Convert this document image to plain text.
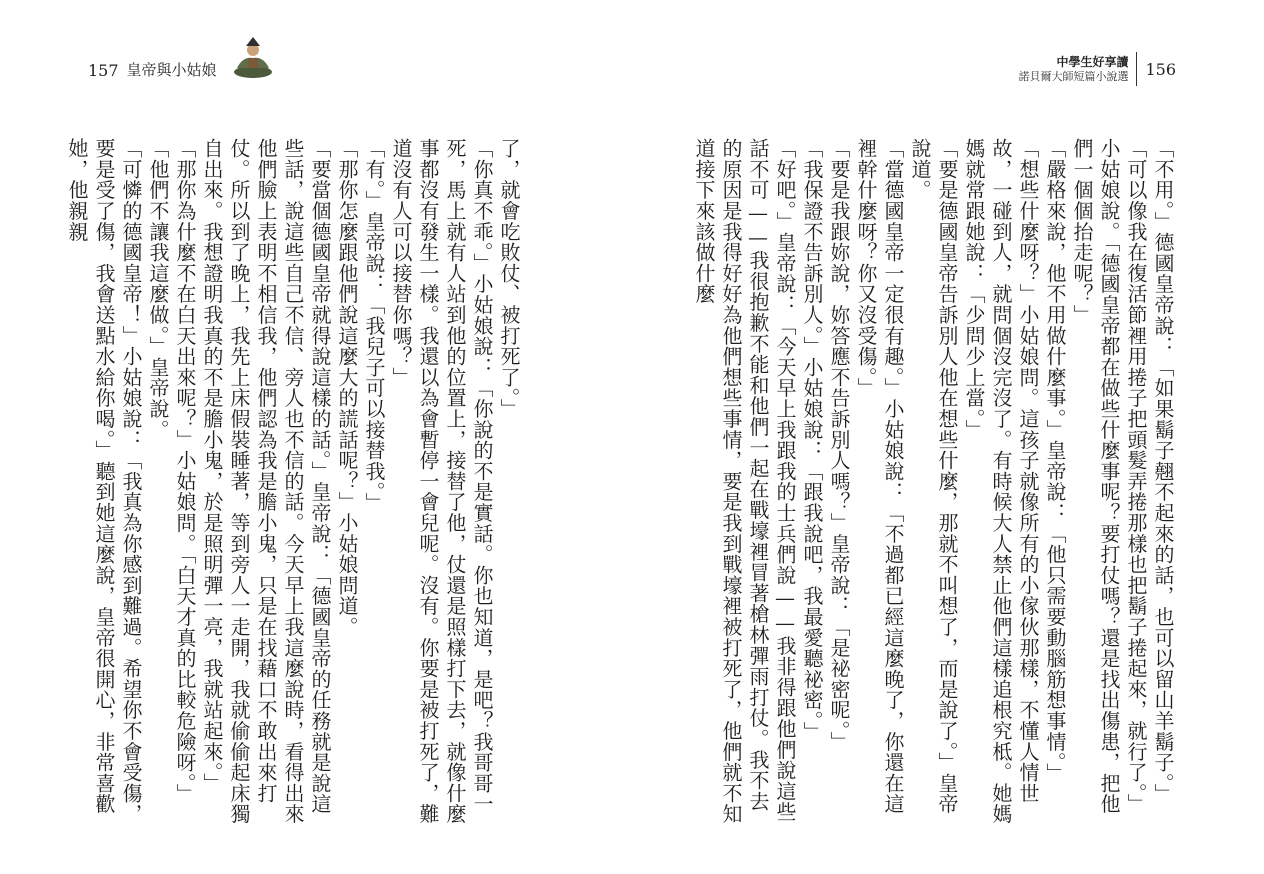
157 皇帝與小姑娘	中學生好享讀
諾貝爾大師短篇小說選 156

「不用。」德國皇帝說：「如果鬍子翹不起來的話，也可以留山羊鬍子。」

「可以像我在復活節裡用捲子把頭髮弄捲那樣也把鬍子捲起來，就行了。」小姑娘說。「德國皇帝都在做些什麼事呢？要打仗嗎？還是找出傷患，把他們一個個抬走呢？」

「嚴格來說，他不用做什麼事。」皇帝說：「他只需要動腦筋想事情。」

「想些什麼呀？」小姑娘問。這孩子就像所有的小傢伙那樣，不懂人情世故，一碰到人，就問個沒完沒了。有時候大人禁止他們這樣追根究柢。她媽媽就常跟她說：「少問少上當。」

「要是德國皇帝告訴別人他在想些什麼，那就不叫想了，而是說了。」皇帝說道。

「當德國皇帝一定很有趣。」小姑娘說：「不過都已經這麼晚了，你還在這裡幹什麼呀？你又沒受傷。」

「要是我跟妳說，妳答應不告訴別人嗎？」皇帝說：「是祕密呢。」

「我保證不告訴別人。」小姑娘說：「跟我說吧，我最愛聽祕密。」

「好吧。」皇帝說：「今天早上我跟我的士兵們說——我非得跟他們說這些話不可——我很抱歉不能和他們一起在戰壕裡冒著槍林彈雨打仗。我不去的原因是我得好好為他們想些事情，要是我到戰壕裡被打死了，他們就不知道接下來該做什麼

了，就會吃敗仗、被打死了。」

「你真不乖。」小姑娘說：「你說的不是實話。你也知道，是吧？我哥哥一死，馬上就有人站到他的位置上，接替了他，仗還是照樣打下去，就像什麼事都沒有發生一樣。我還以為會暫停一會兒呢。沒有。你要是被打死了，難道沒有人可以接替你嗎？」

「有。」皇帝說：「我兒子可以接替我。」

「那你怎麼跟他們說這麼大的謊話呢？」小姑娘問道。

「要當個德國皇帝就得說這樣的話。」皇帝說：「德國皇帝的任務就是說這些話，說這些自己不信、旁人也不信的話。今天早上我這麼說時，看得出來他們臉上表明不相信我，他們認為我是膽小鬼，只是在找藉口不敢出來打仗。所以到了晚上，我先上床假裝睡著，等到旁人一走開，我就偷偷起床獨自出來。我想證明我真的不是膽小鬼，於是照明彈一亮，我就站起來。」

「那你為什麼不在白天出來呢？」小姑娘問。「白天才真的比較危險呀。」

「他們不讓我這麼做。」皇帝說。

「可憐的德國皇帝！」小姑娘說：「我真為你感到難過。希望你不會受傷，要是受了傷，我會送點水給你喝。」聽到她這麼說，皇帝很開心，非常喜歡她，他親親
